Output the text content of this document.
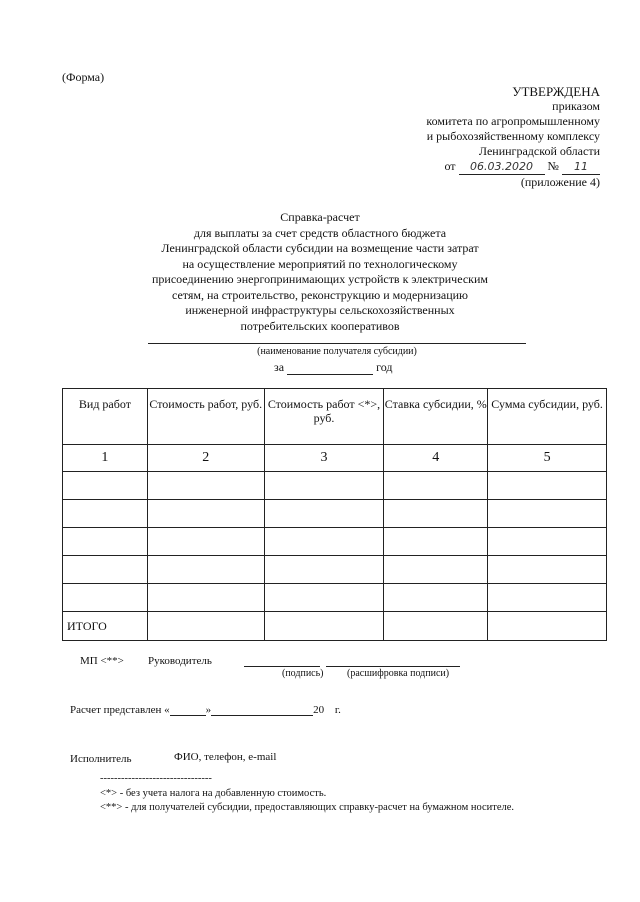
(Форма)
УТВЕРЖДЕНА
приказом
комитета по агропромышленному
и рыбохозяйственному комплексу
Ленинградской области
от 06.03.2020 № 11
(приложение 4)
Справка-расчет
для выплаты за счет средств областного бюджета
Ленинградской области субсидии на возмещение части затрат
на осуществление мероприятий по технологическому
присоединению энергопринимающих устройств к электрическим
сетям, на строительство, реконструкцию и модернизацию
инженерной инфраструктуры сельскохозяйственных
потребительских кооперативов
(наименование получателя субсидии)
за	год
Вид работ	Стоимость работ, руб.	Стоимость работ <*>, руб.	Ставка субсидии, %	Сумма субсидии, руб.
1	2	3	4	5

ИТОГО				
МП <**> Руководитель
(подпись) (расшифровка подписи)
Расчет представлен «	»	20 г.
Исполнитель	ФИО, телефон, e-mail
--------------------------------
<*> - без учета налога на добавленную стоимость.
<**> - для получателей субсидии, предоставляющих справку-расчет на бумажном носителе.
